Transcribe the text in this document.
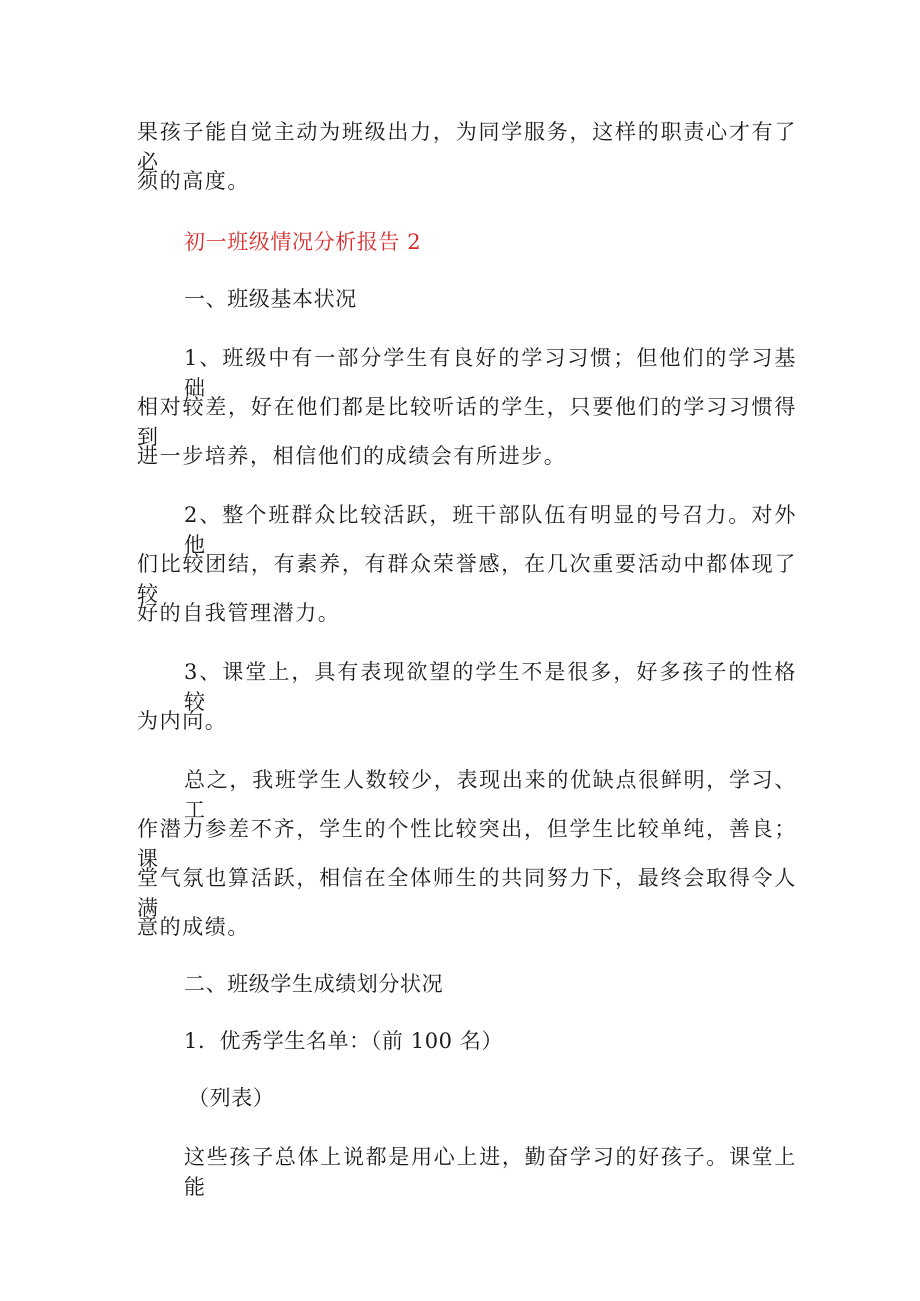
果孩子能自觉主动为班级出力，为同学服务，这样的职责心才有了必
须的高度。
初一班级情况分析报告 2
一、班级基本状况
1、班级中有一部分学生有良好的学习习惯；但他们的学习基础
相对较差，好在他们都是比较听话的学生，只要他们的学习习惯得到
进一步培养，相信他们的成绩会有所进步。
2、整个班群众比较活跃，班干部队伍有明显的号召力。对外他
们比较团结，有素养，有群众荣誉感，在几次重要活动中都体现了较
好的自我管理潜力。
3、课堂上，具有表现欲望的学生不是很多，好多孩子的性格较
为内向。
总之，我班学生人数较少，表现出来的优缺点很鲜明，学习、工
作潜力参差不齐，学生的个性比较突出，但学生比较单纯，善良；课
堂气氛也算活跃，相信在全体师生的共同努力下，最终会取得令人满
意的成绩。
二、班级学生成绩划分状况
1．优秀学生名单：（前 100 名）
（列表）
这些孩子总体上说都是用心上进，勤奋学习的好孩子。课堂上能
